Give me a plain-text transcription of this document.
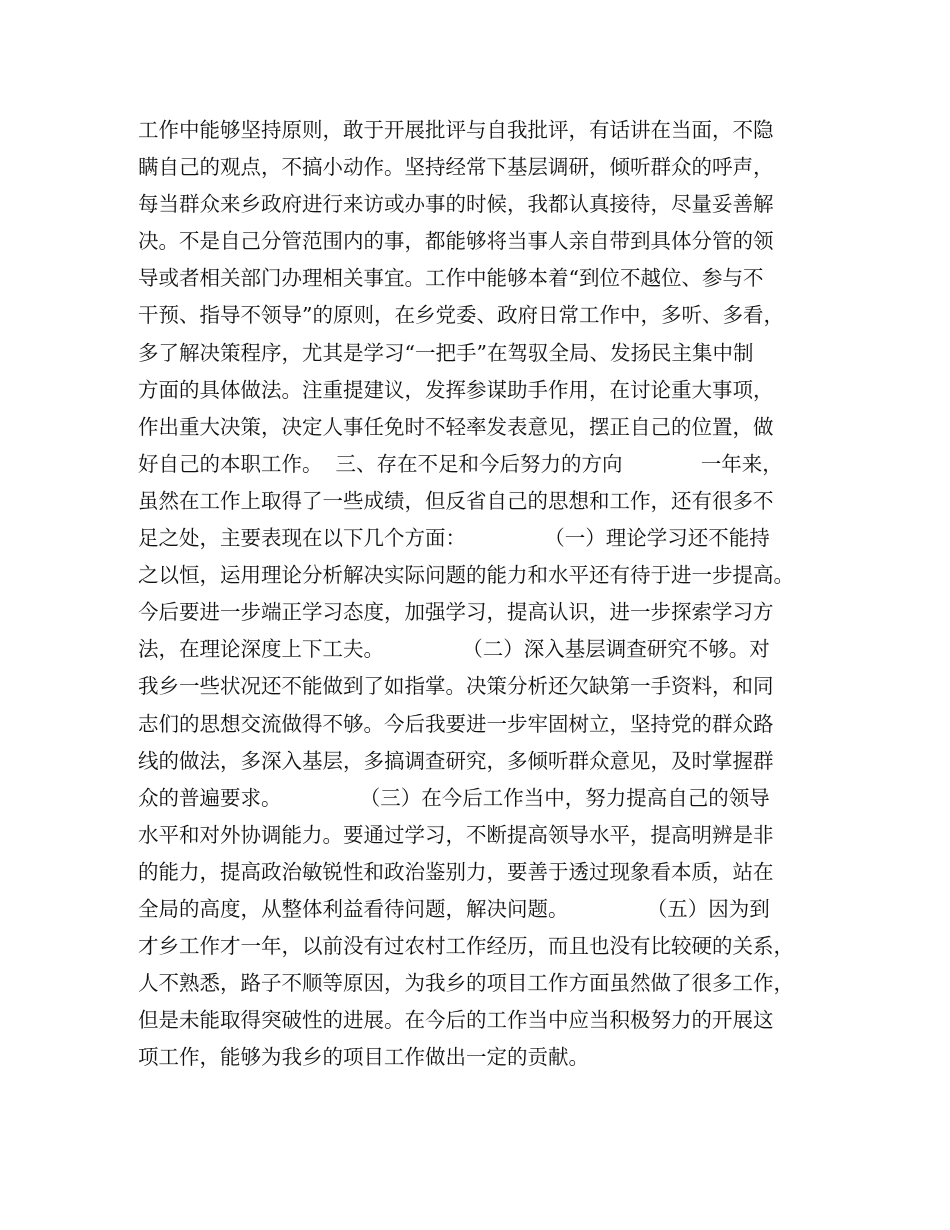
工作中能够坚持原则，敢于开展批评与自我批评，有话讲在当面，不隐
瞒自己的观点，不搞小动作。坚持经常下基层调研，倾听群众的呼声，
每当群众来乡政府进行来访或办事的时候，我都认真接待，尽量妥善解
决。不是自己分管范围内的事，都能够将当事人亲自带到具体分管的领
导或者相关部门办理相关事宜。工作中能够本着“到位不越位、参与不
干预、指导不领导”的原则，在乡党委、政府日常工作中，多听、多看，
多了解决策程序，尤其是学习“一把手”在驾驭全局、发扬民主集中制
方面的具体做法。注重提建议，发挥参谋助手作用，在讨论重大事项，
作出重大决策，决定人事任免时不轻率发表意见，摆正自己的位置，做
好自己的本职工作。  三、存在不足和今后努力的方向            一年来，
虽然在工作上取得了一些成绩，但反省自己的思想和工作，还有很多不
足之处，主要表现在以下几个方面：            （一）理论学习还不能持
之以恒，运用理论分析解决实际问题的能力和水平还有待于进一步提高。
今后要进一步端正学习态度，加强学习，提高认识，进一步探索学习方
法，在理论深度上下工夫。            （二）深入基层调查研究不够。对
我乡一些状况还不能做到了如指掌。决策分析还欠缺第一手资料，和同
志们的思想交流做得不够。今后我要进一步牢固树立，坚持党的群众路
线的做法，多深入基层，多搞调查研究，多倾听群众意见，及时掌握群
众的普遍要求。            （三）在今后工作当中，努力提高自己的领导
水平和对外协调能力。要通过学习，不断提高领导水平，提高明辨是非
的能力，提高政治敏锐性和政治鉴别力，要善于透过现象看本质，站在
全局的高度，从整体利益看待问题，解决问题。            （五）因为到
才乡工作才一年，以前没有过农村工作经历，而且也没有比较硬的关系，
人不熟悉，路子不顺等原因，为我乡的项目工作方面虽然做了很多工作，
但是未能取得突破性的进展。在今后的工作当中应当积极努力的开展这
项工作，能够为我乡的项目工作做出一定的贡献。
